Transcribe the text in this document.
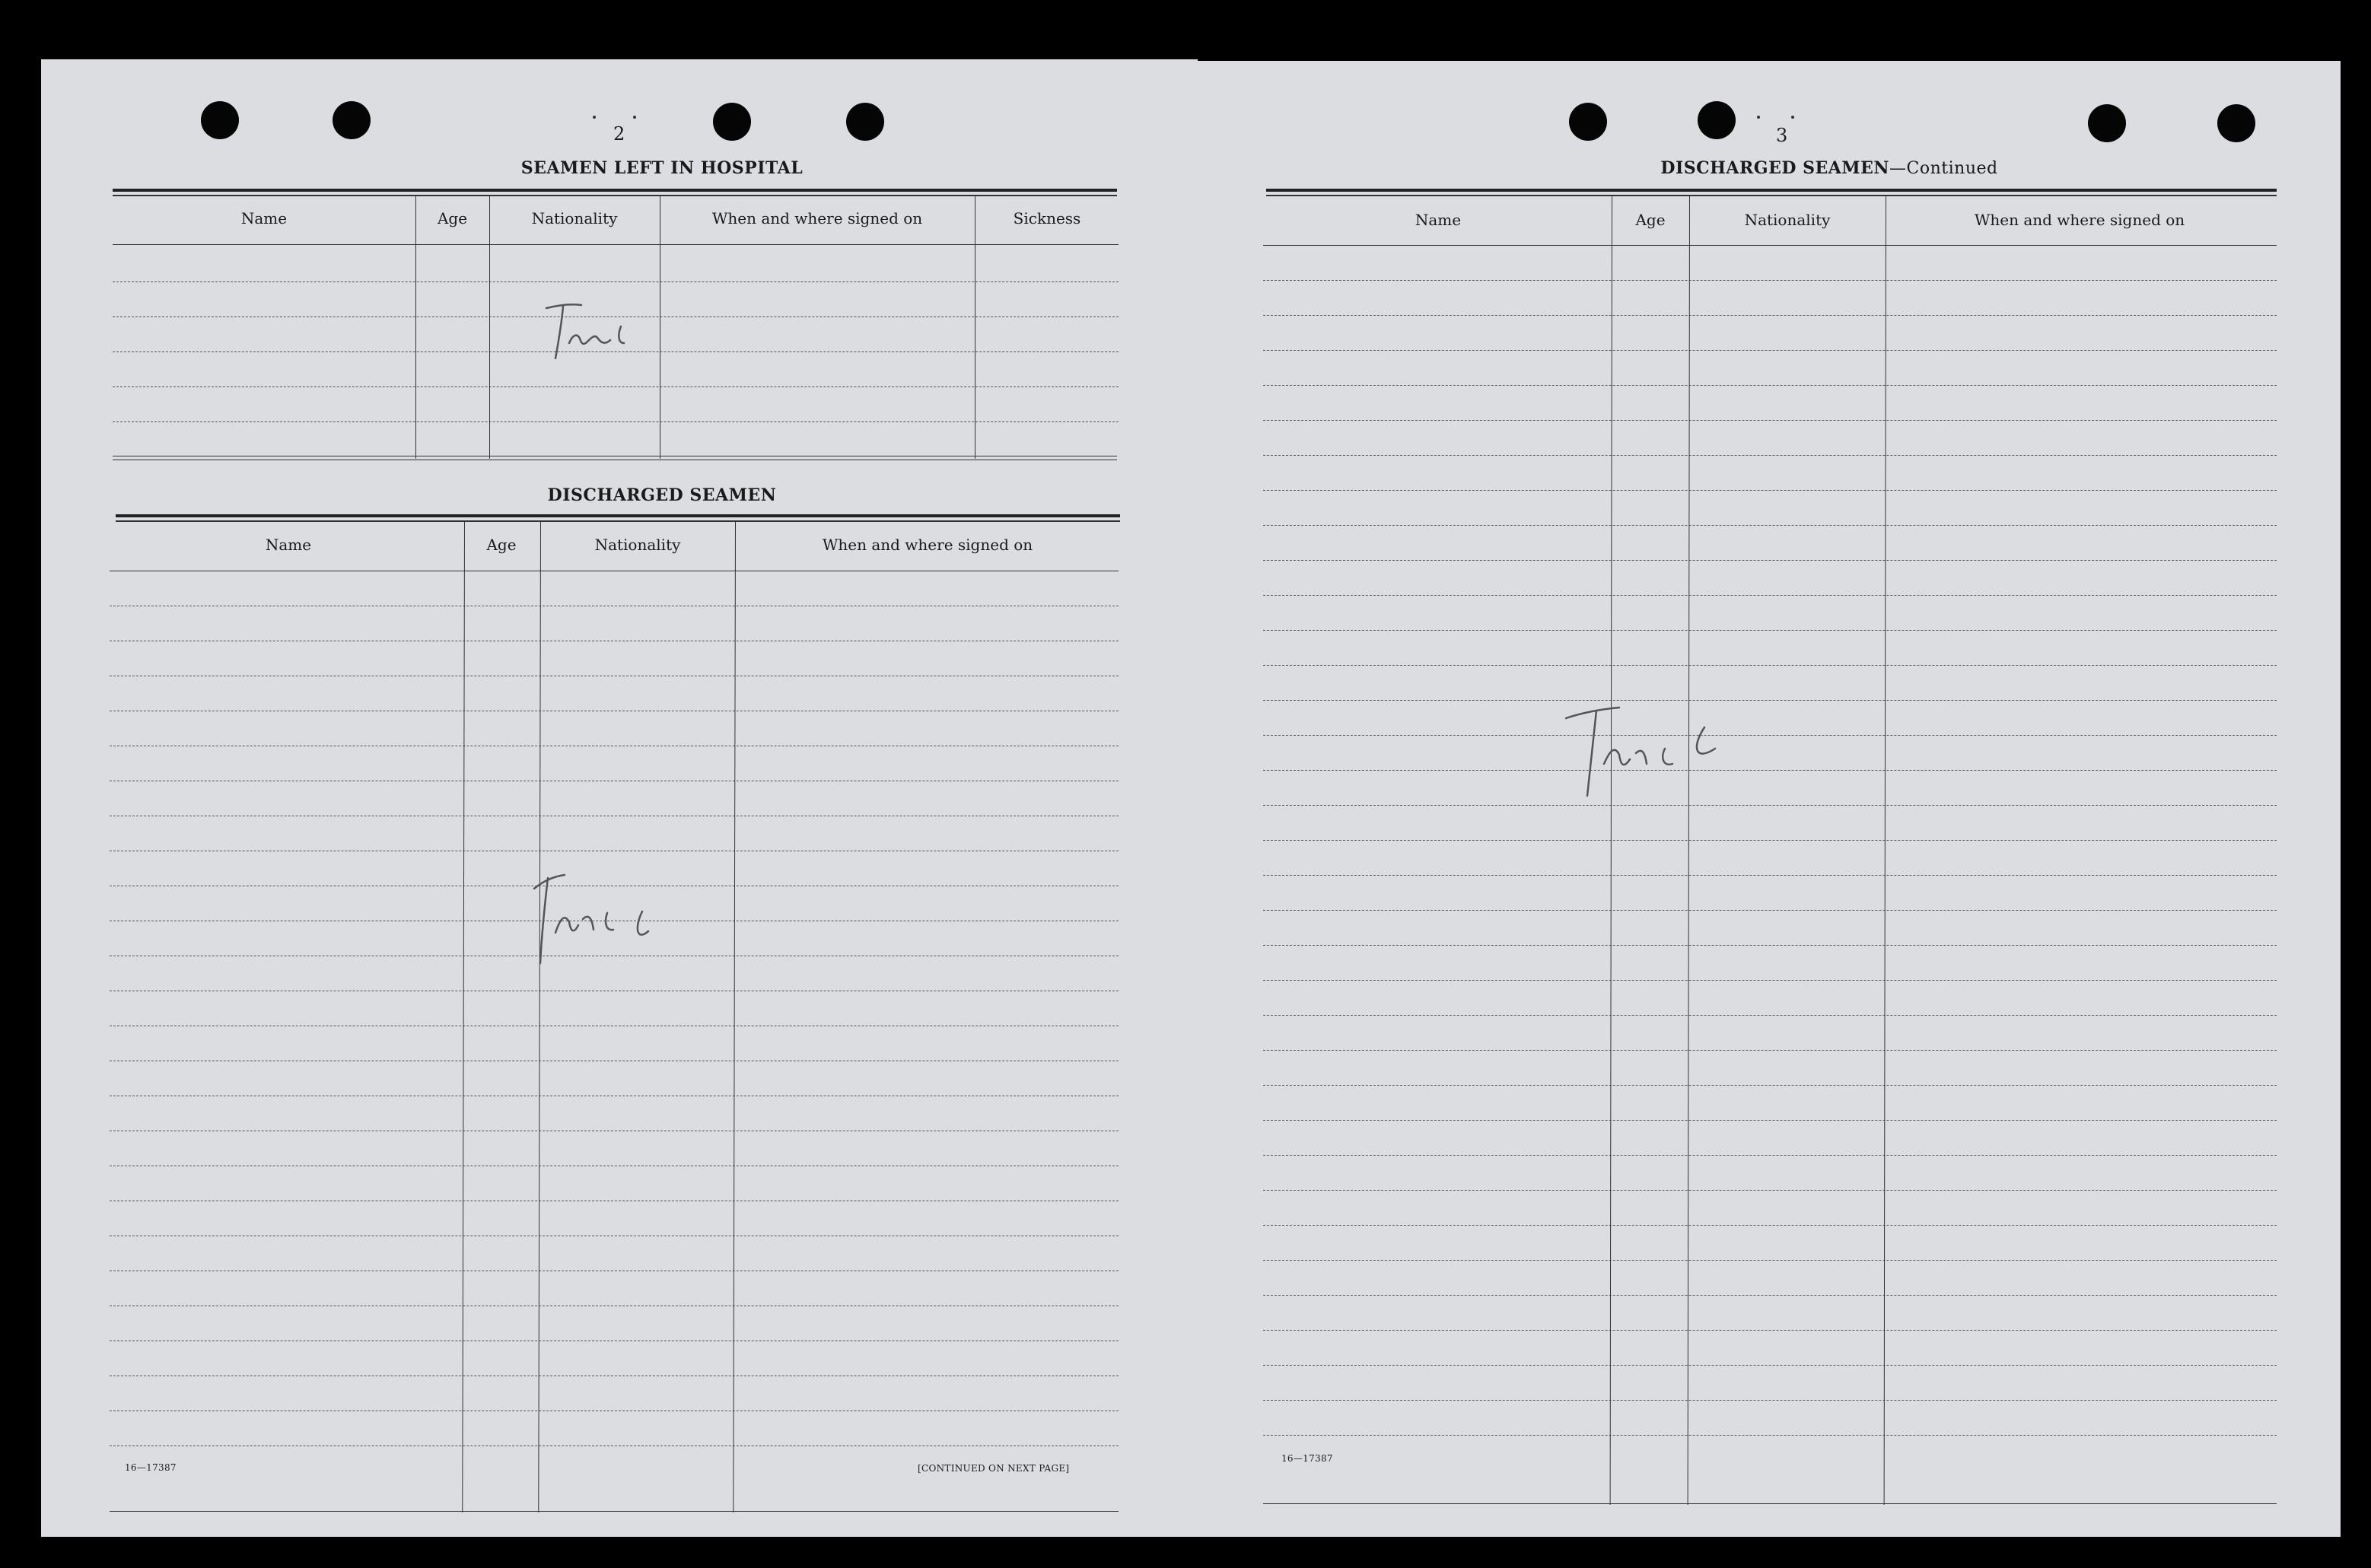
2
SEAMEN LEFT IN HOSPITAL
Name	Age	Nationality	When and where signed on	Sickness
DISCHARGED SEAMEN
Name	Age	Nationality	When and where signed on
16—17387	[CONTINUED ON NEXT PAGE]
3
DISCHARGED SEAMEN—Continued
Name	Age	Nationality	When and where signed on
16—17387
